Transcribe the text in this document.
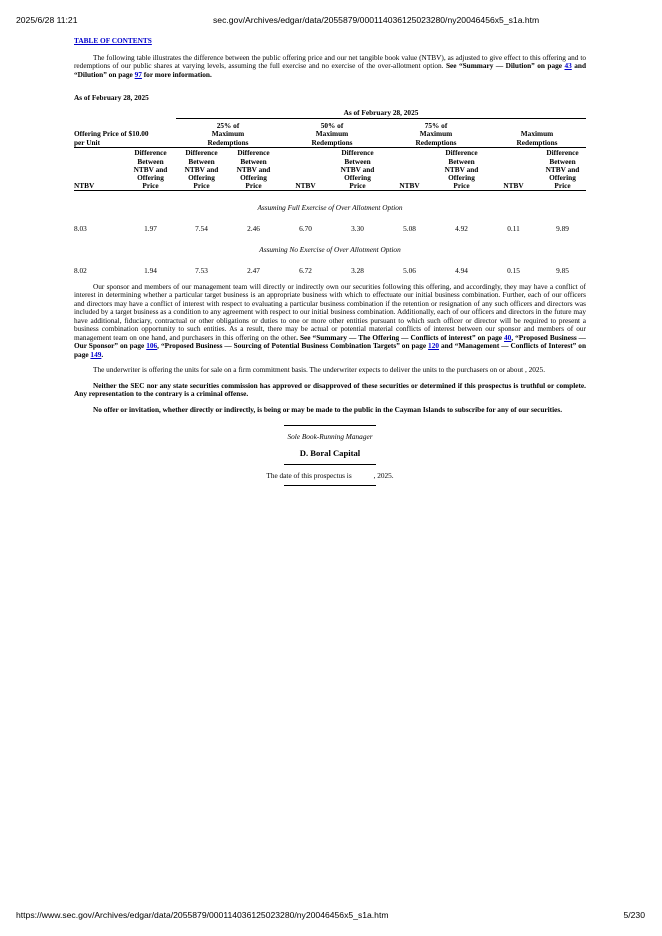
2025/6/28 11:21	sec.gov/Archives/edgar/data/2055879/000114036125023280/ny20046456x5_s1a.htm
TABLE OF CONTENTS

The following table illustrates the difference between the public offering price and our net tangible book value (NTBV), as adjusted to give effect to this offering and to redemptions of our public shares at varying levels, assuming the full exercise and no exercise of the over-allotment option. See “Summary — Dilution” on page 43 and “Dilution” on page 97 for more information.

As of February 28, 2025
		As of February 28, 2025							

Offering Price of $10.00
per Unit		25% of
Maximum
Redemptions		50% of
Maximum
Redemptions		75% of
Maximum
Redemptions		Maximum
Redemptions	

NTBV	Difference
Between
NTBV and
Offering
Price	Difference
Between
NTBV and
Offering
Price	Difference
Between
NTBV and
Offering
Price	NTBV	Difference
Between
NTBV and
Offering
Price	NTBV	Difference
Between
NTBV and
Offering
Price	NTBV	Difference
Between
NTBV and
Offering
Price

Assuming Full Exercise of Over Allotment Option									

8.03	1.97	7.54	2.46	6.70	3.30	5.08	4.92	0.11	9.89

Assuming No Exercise of Over Allotment Option									

8.02	1.94	7.53	2.47	6.72	3.28	5.06	4.94	0.15	9.85

Our sponsor and members of our management team will directly or indirectly own our securities following this offering, and accordingly, they may have a conflict of interest in determining whether a particular target business is an appropriate business with which to effectuate our initial business combination. Further, each of our officers and directors may have a conflict of interest with respect to evaluating a particular business combination if the retention or resignation of any such officers and directors was included by a target business as a condition to any agreement with respect to our initial business combination. Additionally, each of our officers and directors in the future may have additional, fiduciary, contractual or other obligations or duties to one or more other entities pursuant to which such officer or director will be required to present a business combination opportunity to such entities. As a result, there may be actual or potential material conflicts of interest between our sponsor and members of our management team on one hand, and purchasers in this offering on the other. See “Summary — The Offering — Conflicts of interest” on page 40, “Proposed Business — Our Sponsor” on page 106, “Proposed Business — Sourcing of Potential Business Combination Targets” on page 120 and “Management — Conflicts of Interest” on page 149.

The underwriter is offering the units for sale on a firm commitment basis. The underwriter expects to deliver the units to the purchasers on or about , 2025.

Neither the SEC nor any state securities commission has approved or disapproved of these securities or determined if this prospectus is truthful or complete. Any representation to the contrary is a criminal offense.

No offer or invitation, whether directly or indirectly, is being or may be made to the public in the Cayman Islands to subscribe for any of our securities.

Sole Book-Running Manager
D. Boral Capital
The date of this prospectus is            , 2025.
https://www.sec.gov/Archives/edgar/data/2055879/000114036125023280/ny20046456x5_s1a.htm	5/230
